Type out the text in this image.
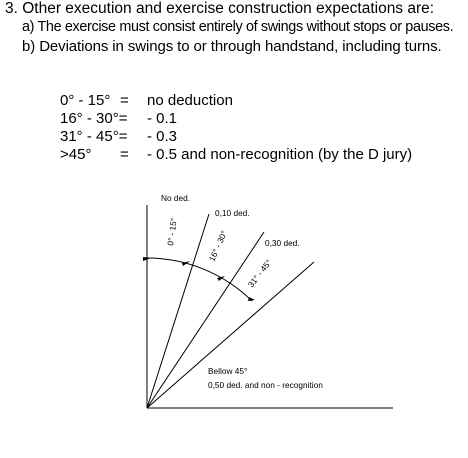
3. Other execution and exercise construction expectations are:
a) The exercise must consist entirely of swings without stops or pauses.
b) Deviations in swings to or through handstand, including turns.
0° - 15° = no deduction
16° - 30°= - 0.1
31° - 45°= - 0.3
>45° = - 0.5 and non-recognition (by the D jury)
No ded.
0,10 ded.
0,30 ded.
0° - 15°	16° - 30°
31° - 45°
Bellow 45°
0,50 ded. and non - recognition
